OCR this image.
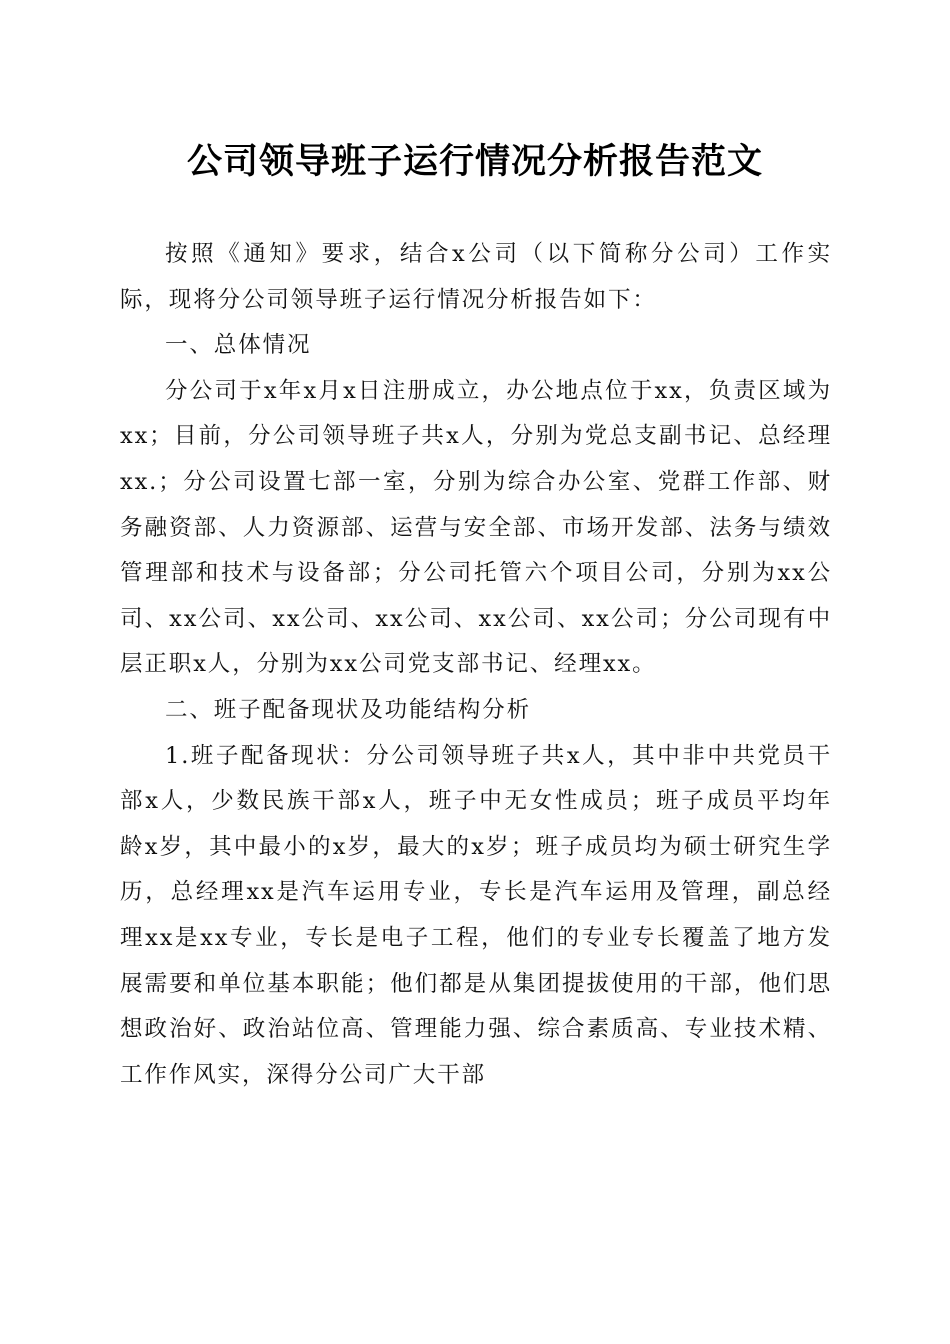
公司领导班子运行情况分析报告范文

按照《通知》要求，结合x公司（以下简称分公司）工作实际，现将分公司领导班子运行情况分析报告如下：

一、总体情况

分公司于x年x月x日注册成立，办公地点位于xx，负责区域为xx；目前，分公司领导班子共x人，分别为党总支副书记、总经理xx.；分公司设置七部一室，分别为综合办公室、党群工作部、财务融资部、人力资源部、运营与安全部、市场开发部、法务与绩效管理部和技术与设备部；分公司托管六个项目公司，分别为xx公司、xx公司、xx公司、xx公司、xx公司、xx公司；分公司现有中层正职x人，分别为xx公司党支部书记、经理xx。

二、班子配备现状及功能结构分析

1.班子配备现状：分公司领导班子共x人，其中非中共党员干部x人，少数民族干部x人，班子中无女性成员；班子成员平均年龄x岁，其中最小的x岁，最大的x岁；班子成员均为硕士研究生学历，总经理xx是汽车运用专业，专长是汽车运用及管理，副总经理xx是xx专业，专长是电子工程，他们的专业专长覆盖了地方发展需要和单位基本职能；他们都是从集团提拔使用的干部，他们思想政治好、政治站位高、管理能力强、综合素质高、专业技术精、工作作风实，深得分公司广大干部
